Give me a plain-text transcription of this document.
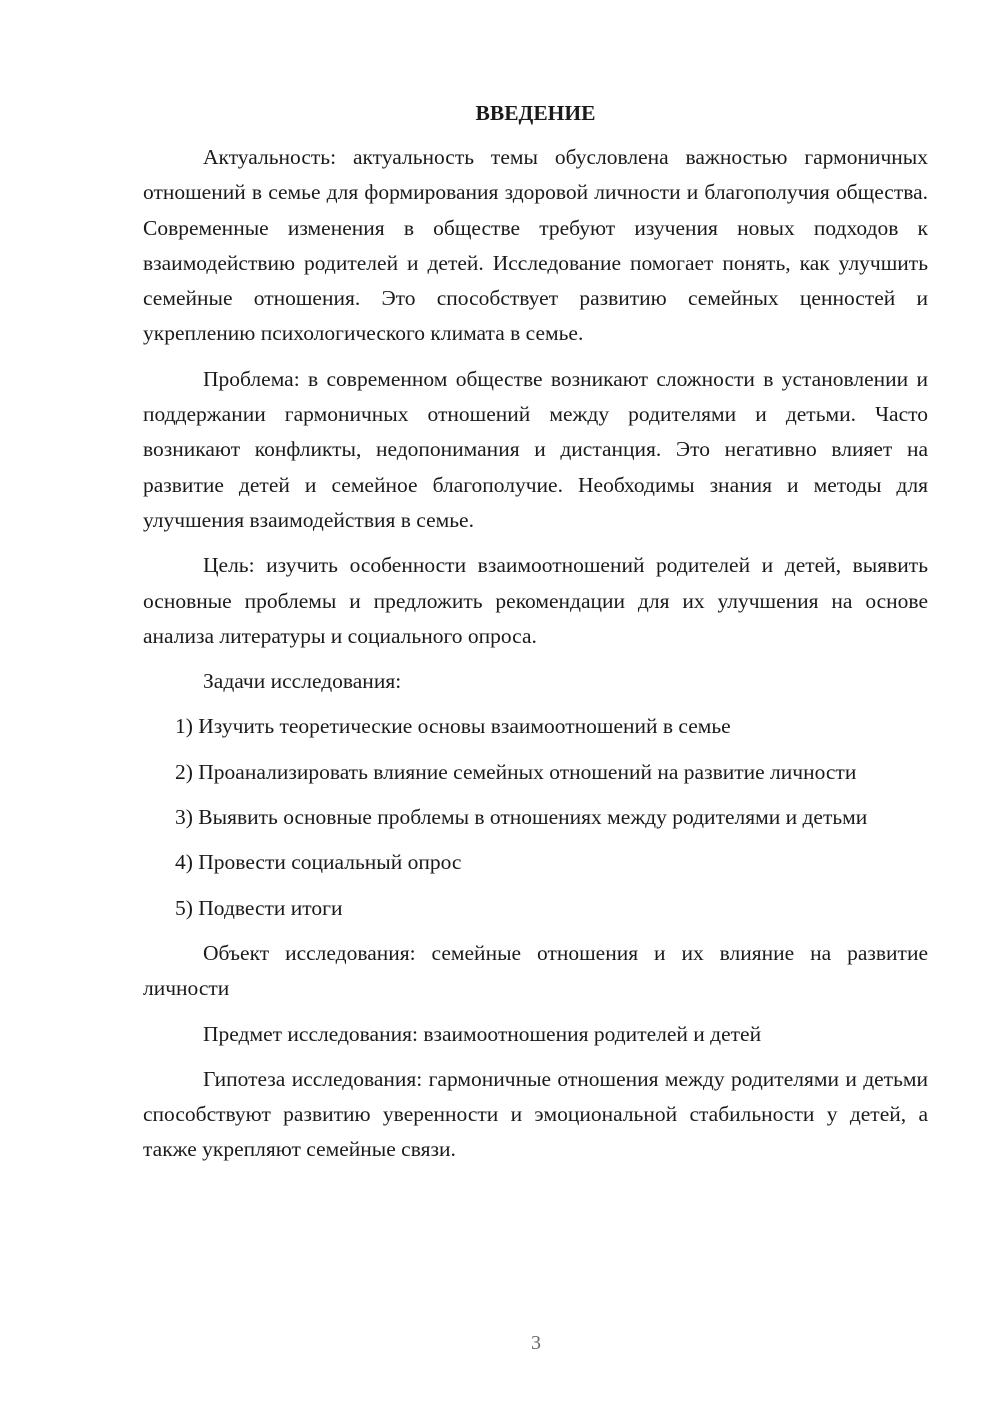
ВВЕДЕНИЕ

Актуальность: актуальность темы обусловлена важностью гармоничных отношений в семье для формирования здоровой личности и благополучия общества. Современные изменения в обществе требуют изучения новых подходов к взаимодействию родителей и детей. Исследование помогает понять, как улучшить семейные отношения. Это способствует развитию семейных ценностей и укреплению психологического климата в семье.

Проблема: в современном обществе возникают сложности в установлении и поддержании гармоничных отношений между родителями и детьми. Часто возникают конфликты, недопонимания и дистанция. Это негативно влияет на развитие детей и семейное благополучие. Необходимы знания и методы для улучшения взаимодействия в семье.

Цель: изучить особенности взаимоотношений родителей и детей, выявить основные проблемы и предложить рекомендации для их улучшения на основе анализа литературы и социального опроса.

Задачи исследования:

1) Изучить теоретические основы взаимоотношений в семье

2) Проанализировать влияние семейных отношений на развитие личности

3) Выявить основные проблемы в отношениях между родителями и детьми

4) Провести социальный опрос

5) Подвести итоги

Объект исследования: семейные отношения и их влияние на развитие личности

Предмет исследования: взаимоотношения родителей и детей

Гипотеза исследования: гармоничные отношения между родителями и детьми способствуют развитию уверенности и эмоциональной стабильности у детей, а также укрепляют семейные связи.

3
